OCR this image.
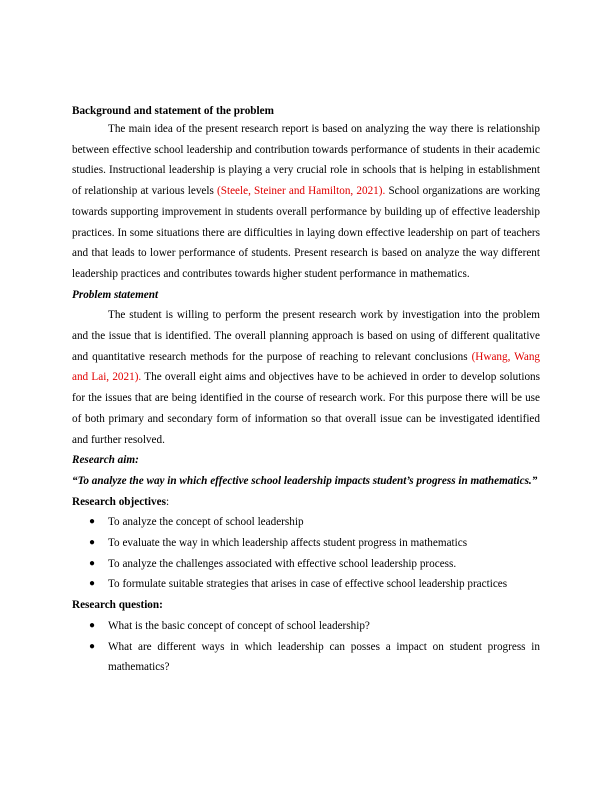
Background and statement of the problem

The main idea of the present research report is based on analyzing the way there is relationship between effective school leadership and contribution towards performance of students in their academic studies. Instructional leadership is playing a very crucial role in schools that is helping in establishment of relationship at various levels (Steele, Steiner and Hamilton, 2021). School organizations are working towards supporting improvement in students overall performance by building up of effective leadership practices. In some situations there are difficulties in laying down effective leadership on part of teachers and that leads to lower performance of students. Present research is based on analyze the way different leadership practices and contributes towards higher student performance in mathematics.

Problem statement

The student is willing to perform the present research work by investigation into the problem and the issue that is identified. The overall planning approach is based on using of different qualitative and quantitative research methods for the purpose of reaching to relevant conclusions (Hwang, Wang and Lai, 2021). The overall eight aims and objectives have to be achieved in order to develop solutions for the issues that are being identified in the course of research work. For this purpose there will be use of both primary and secondary form of information so that overall issue can be investigated identified and further resolved.

Research aim:

“To analyze the way in which effective school leadership impacts student’s progress in mathematics.”

Research objectives:

● To analyze the concept of school leadership
● To evaluate the way in which leadership affects student progress in mathematics
● To analyze the challenges associated with effective school leadership process.
● To formulate suitable strategies that arises in case of effective school leadership practices

Research question:

● What is the basic concept of concept of school leadership?
● What are different ways in which leadership can posses a impact on student progress in mathematics?
